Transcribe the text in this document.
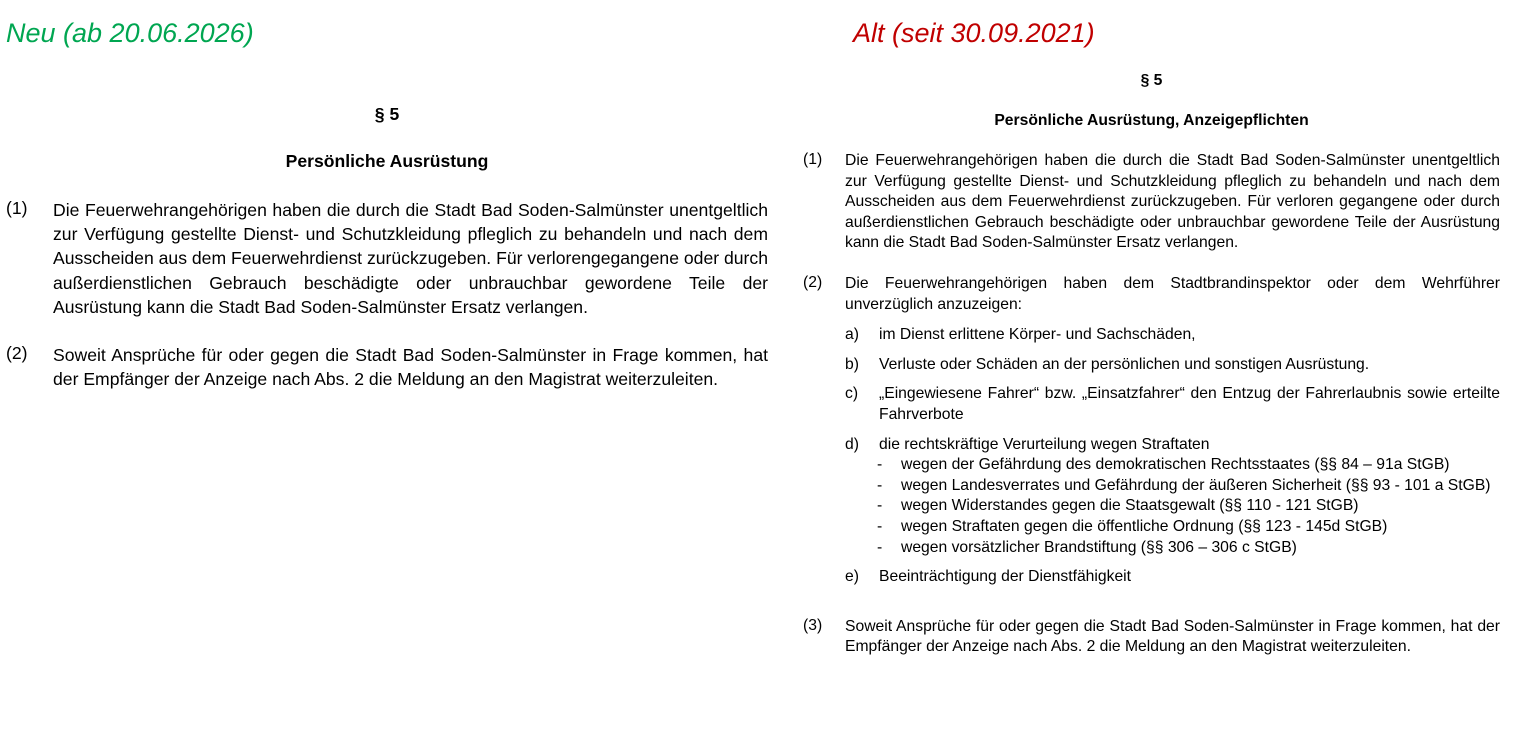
Neu (ab 20.06.2026)	Alt (seit 30.09.2021)
§ 5
Persönliche Ausrüstung
(1)	Die Feuerwehrangehörigen haben die durch die Stadt Bad Soden-Salmünster unentgeltlich zur Verfügung gestellte Dienst- und Schutzkleidung pfleglich zu behandeln und nach dem Ausscheiden aus dem Feuerwehrdienst zurückzugeben. Für verlorengegangene oder durch außerdienstlichen Gebrauch beschädigte oder unbrauchbar gewordene Teile der Ausrüstung kann die Stadt Bad Soden-Salmünster Ersatz verlangen.
(2)	Soweit Ansprüche für oder gegen die Stadt Bad Soden-Salmünster in Frage kommen, hat der Empfänger der Anzeige nach Abs. 2 die Meldung an den Magistrat weiterzuleiten.
§ 5
Persönliche Ausrüstung, Anzeigepflichten
(1)	Die Feuerwehrangehörigen haben die durch die Stadt Bad Soden-Salmünster unentgeltlich zur Verfügung gestellte Dienst- und Schutzkleidung pfleglich zu behandeln und nach dem Ausscheiden aus dem Feuerwehrdienst zurückzugeben. Für verloren gegangene oder durch außerdienstlichen Gebrauch beschädigte oder unbrauchbar gewordene Teile der Ausrüstung kann die Stadt Bad Soden-Salmünster Ersatz verlangen.
(2)	Die Feuerwehrangehörigen haben dem Stadtbrandinspektor oder dem Wehrführer unverzüglich anzuzeigen:
a)	im Dienst erlittene Körper- und Sachschäden,
b)	Verluste oder Schäden an der persönlichen und sonstigen Ausrüstung.
c)	„Eingewiesene Fahrer“ bzw. „Einsatzfahrer“ den Entzug der Fahrerlaubnis sowie erteilte Fahrverbote
d)	die rechtskräftige Verurteilung wegen Straftaten
-	wegen der Gefährdung des demokratischen Rechtsstaates (§§ 84 – 91a StGB)
-	wegen Landesverrates und Gefährdung der äußeren Sicherheit (§§ 93 - 101 a StGB)
-	wegen Widerstandes gegen die Staatsgewalt (§§ 110 - 121 StGB)
-	wegen Straftaten gegen die öffentliche Ordnung (§§ 123 - 145d StGB)
-	wegen vorsätzlicher Brandstiftung (§§ 306 – 306 c StGB)
e)	Beeinträchtigung der Dienstfähigkeit
(3)	Soweit Ansprüche für oder gegen die Stadt Bad Soden-Salmünster in Frage kommen, hat der Empfänger der Anzeige nach Abs. 2 die Meldung an den Magistrat weiterzuleiten.
